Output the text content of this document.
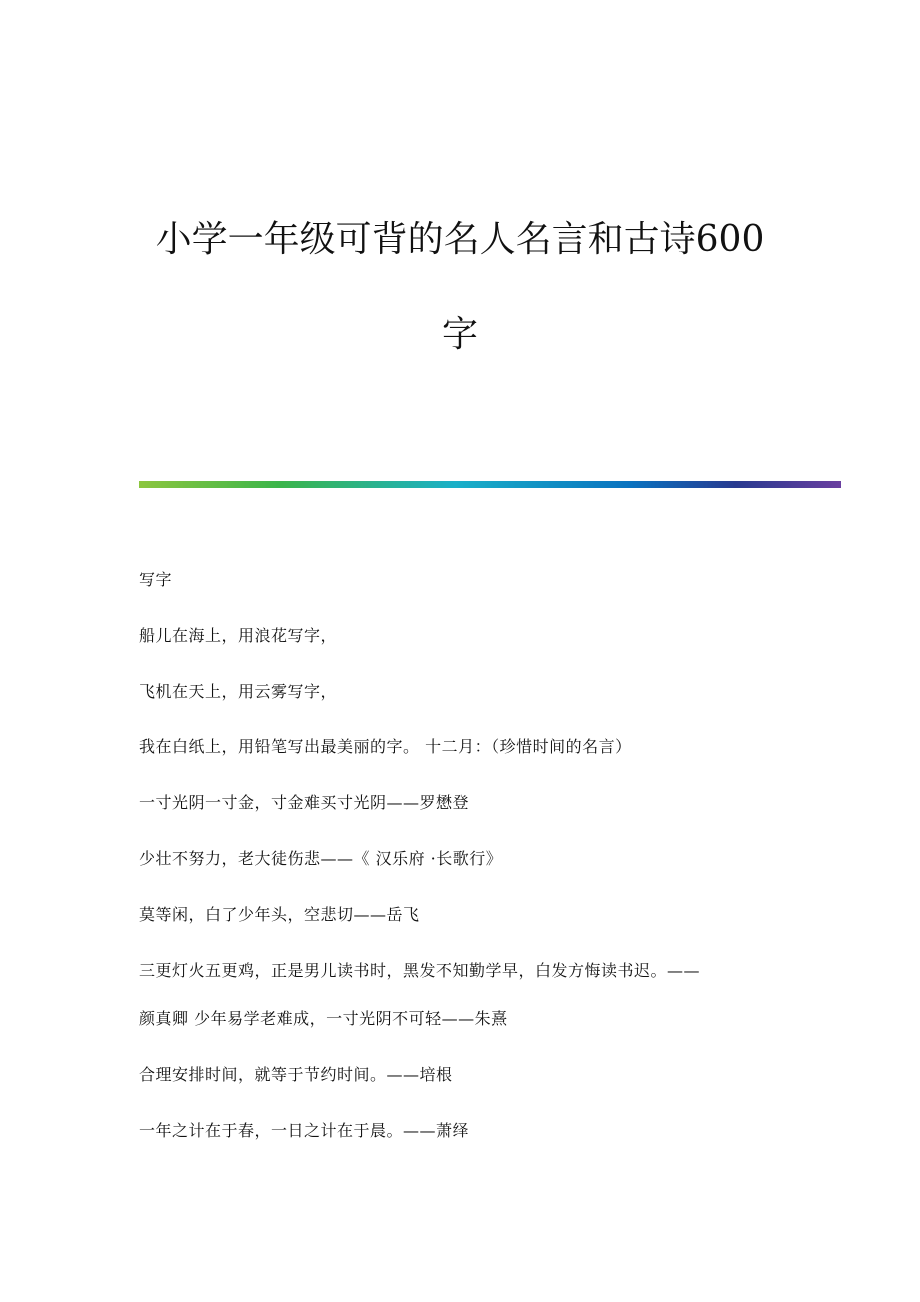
小学一年级可背的名人名言和古诗600
字
写字
船儿在海上，用浪花写字，
飞机在天上，用云雾写字，
我在白纸上，用铅笔写出最美丽的字。 十二月：（珍惜时间的名言）
一寸光阴一寸金，寸金难买寸光阴——罗懋登
少壮不努力，老大徒伤悲——《 汉乐府 ·长歌行》
莫等闲，白了少年头，空悲切——岳飞
三更灯火五更鸡，正是男儿读书时，黑发不知勤学早，白发方悔读书迟。——
颜真卿 少年易学老难成，一寸光阴不可轻——朱熹
合理安排时间，就等于节约时间。——培根
一年之计在于春，一日之计在于晨。——萧绎
